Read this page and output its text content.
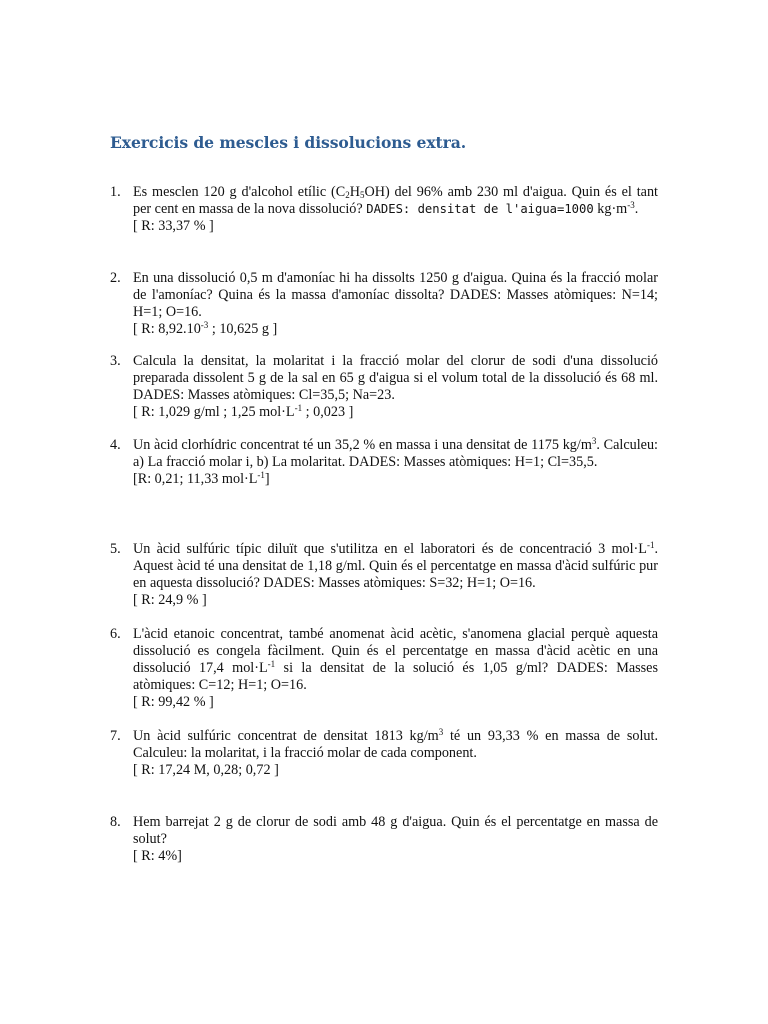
Exercicis de mescles i dissolucions extra.
1. Es mesclen 120 g d'alcohol etílic $(C_2H_5OH)$ del 96% amb 230 ml d'aigua. Quin és el tant per cent en massa de la nova dissolució? DADES: densitat de l'aigua=1000 $kg\cdot m^{-3}$.
[ R: 33,37 % ]
2. En una dissolució 0,5 m d'amoníac hi ha dissolts 1250 g d'aigua. Quina és la fracció molar de l'amoníac? Quina és la massa d'amoníac dissolta? DADES: Masses atòmiques: N=14; H=1; O=16.
[ R: $8,92.10^{-3}$ ; 10,625 g ]
3. Calcula la densitat, la molaritat i la fracció molar del clorur de sodi d'una dissolució preparada dissolent 5 g de la sal en 65 g d'aigua si el volum total de la dissolució és 68 ml. DADES: Masses atòmiques: Cl=35,5; Na=23.
[ R: 1,029 g/ml ; 1,25 $mol\cdot L^{-1}$ ; 0,023 ]
4. Un àcid clorhídric concentrat té un 35,2 % en massa i una densitat de 1175 $kg/m^3$. Calculeu: a) La fracció molar i, b) La molaritat. DADES: Masses atòmiques: H=1; Cl=35,5.
[R: 0,21; 11,33 $mol\cdot L^{-1}$]
5. Un àcid sulfúric típic diluït que s'utilitza en el laboratori és de concentració 3 $mol\cdot L^{-1}$. Aquest àcid té una densitat de 1,18 g/ml. Quin és el percentatge en massa d'àcid sulfúric pur en aquesta dissolució? DADES: Masses atòmiques: S=32; H=1; O=16.
[ R: 24,9 % ]
6. L'àcid etanoic concentrat, també anomenat àcid acètic, s'anomena glacial perquè aquesta dissolució es congela fàcilment. Quin és el percentatge en massa d'àcid acètic en una dissolució 17,4 $mol\cdot L^{-1}$ si la densitat de la solució és 1,05 g/ml? DADES: Masses atòmiques: C=12; H=1; O=16.
[ R: 99,42 % ]
7. Un àcid sulfúric concentrat de densitat 1813 $kg/m^3$ té un 93,33 % en massa de solut. Calculeu: la molaritat, i la fracció molar de cada component.
[ R: 17,24 M, 0,28; 0,72 ]
8. Hem barrejat 2 g de clorur de sodi amb 48 g d'aigua. Quin és el percentatge en massa de solut?
[ R: 4%]
